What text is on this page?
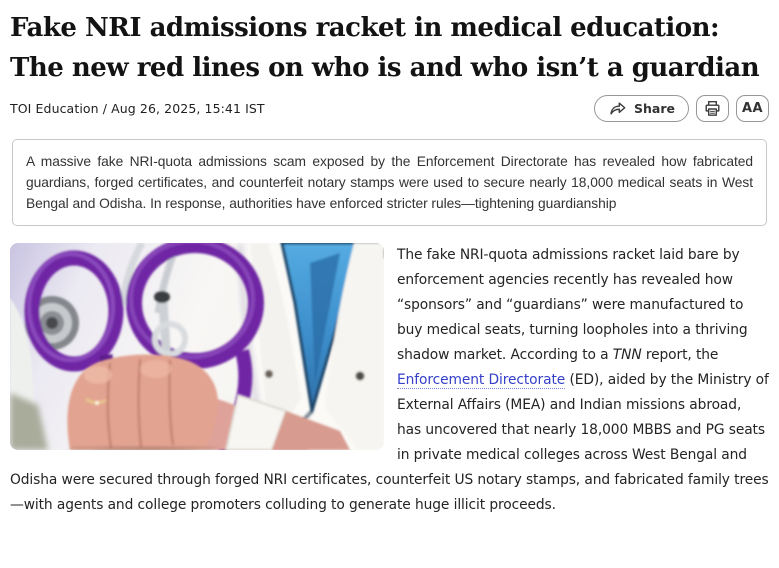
Fake NRI admissions racket in medical education: The new red lines on who is and who isn’t a guardian
TOI Education / Aug 26, 2025, 15:41 IST	Share	AA

A massive fake NRI-quota admissions scam exposed by the Enforcement Directorate has revealed how fabricated guardians, forged certificates, and counterfeit notary stamps were used to secure nearly 18,000 medical seats in West Bengal and Odisha. In response, authorities have enforced stricter rules—tightening guardianship

The fake NRI-quota admissions racket laid bare by enforcement agencies recently has revealed how “sponsors” and “guardians” were manufactured to buy medical seats, turning loopholes into a thriving shadow market. According to a TNN report, the Enforcement Directorate (ED), aided by the Ministry of External Affairs (MEA) and Indian missions abroad, has uncovered that nearly 18,000 MBBS and PG seats in private medical colleges across West Bengal and Odisha were secured through forged NRI certificates, counterfeit US notary stamps, and fabricated family trees—with agents and college promoters colluding to generate huge illicit proceeds.
